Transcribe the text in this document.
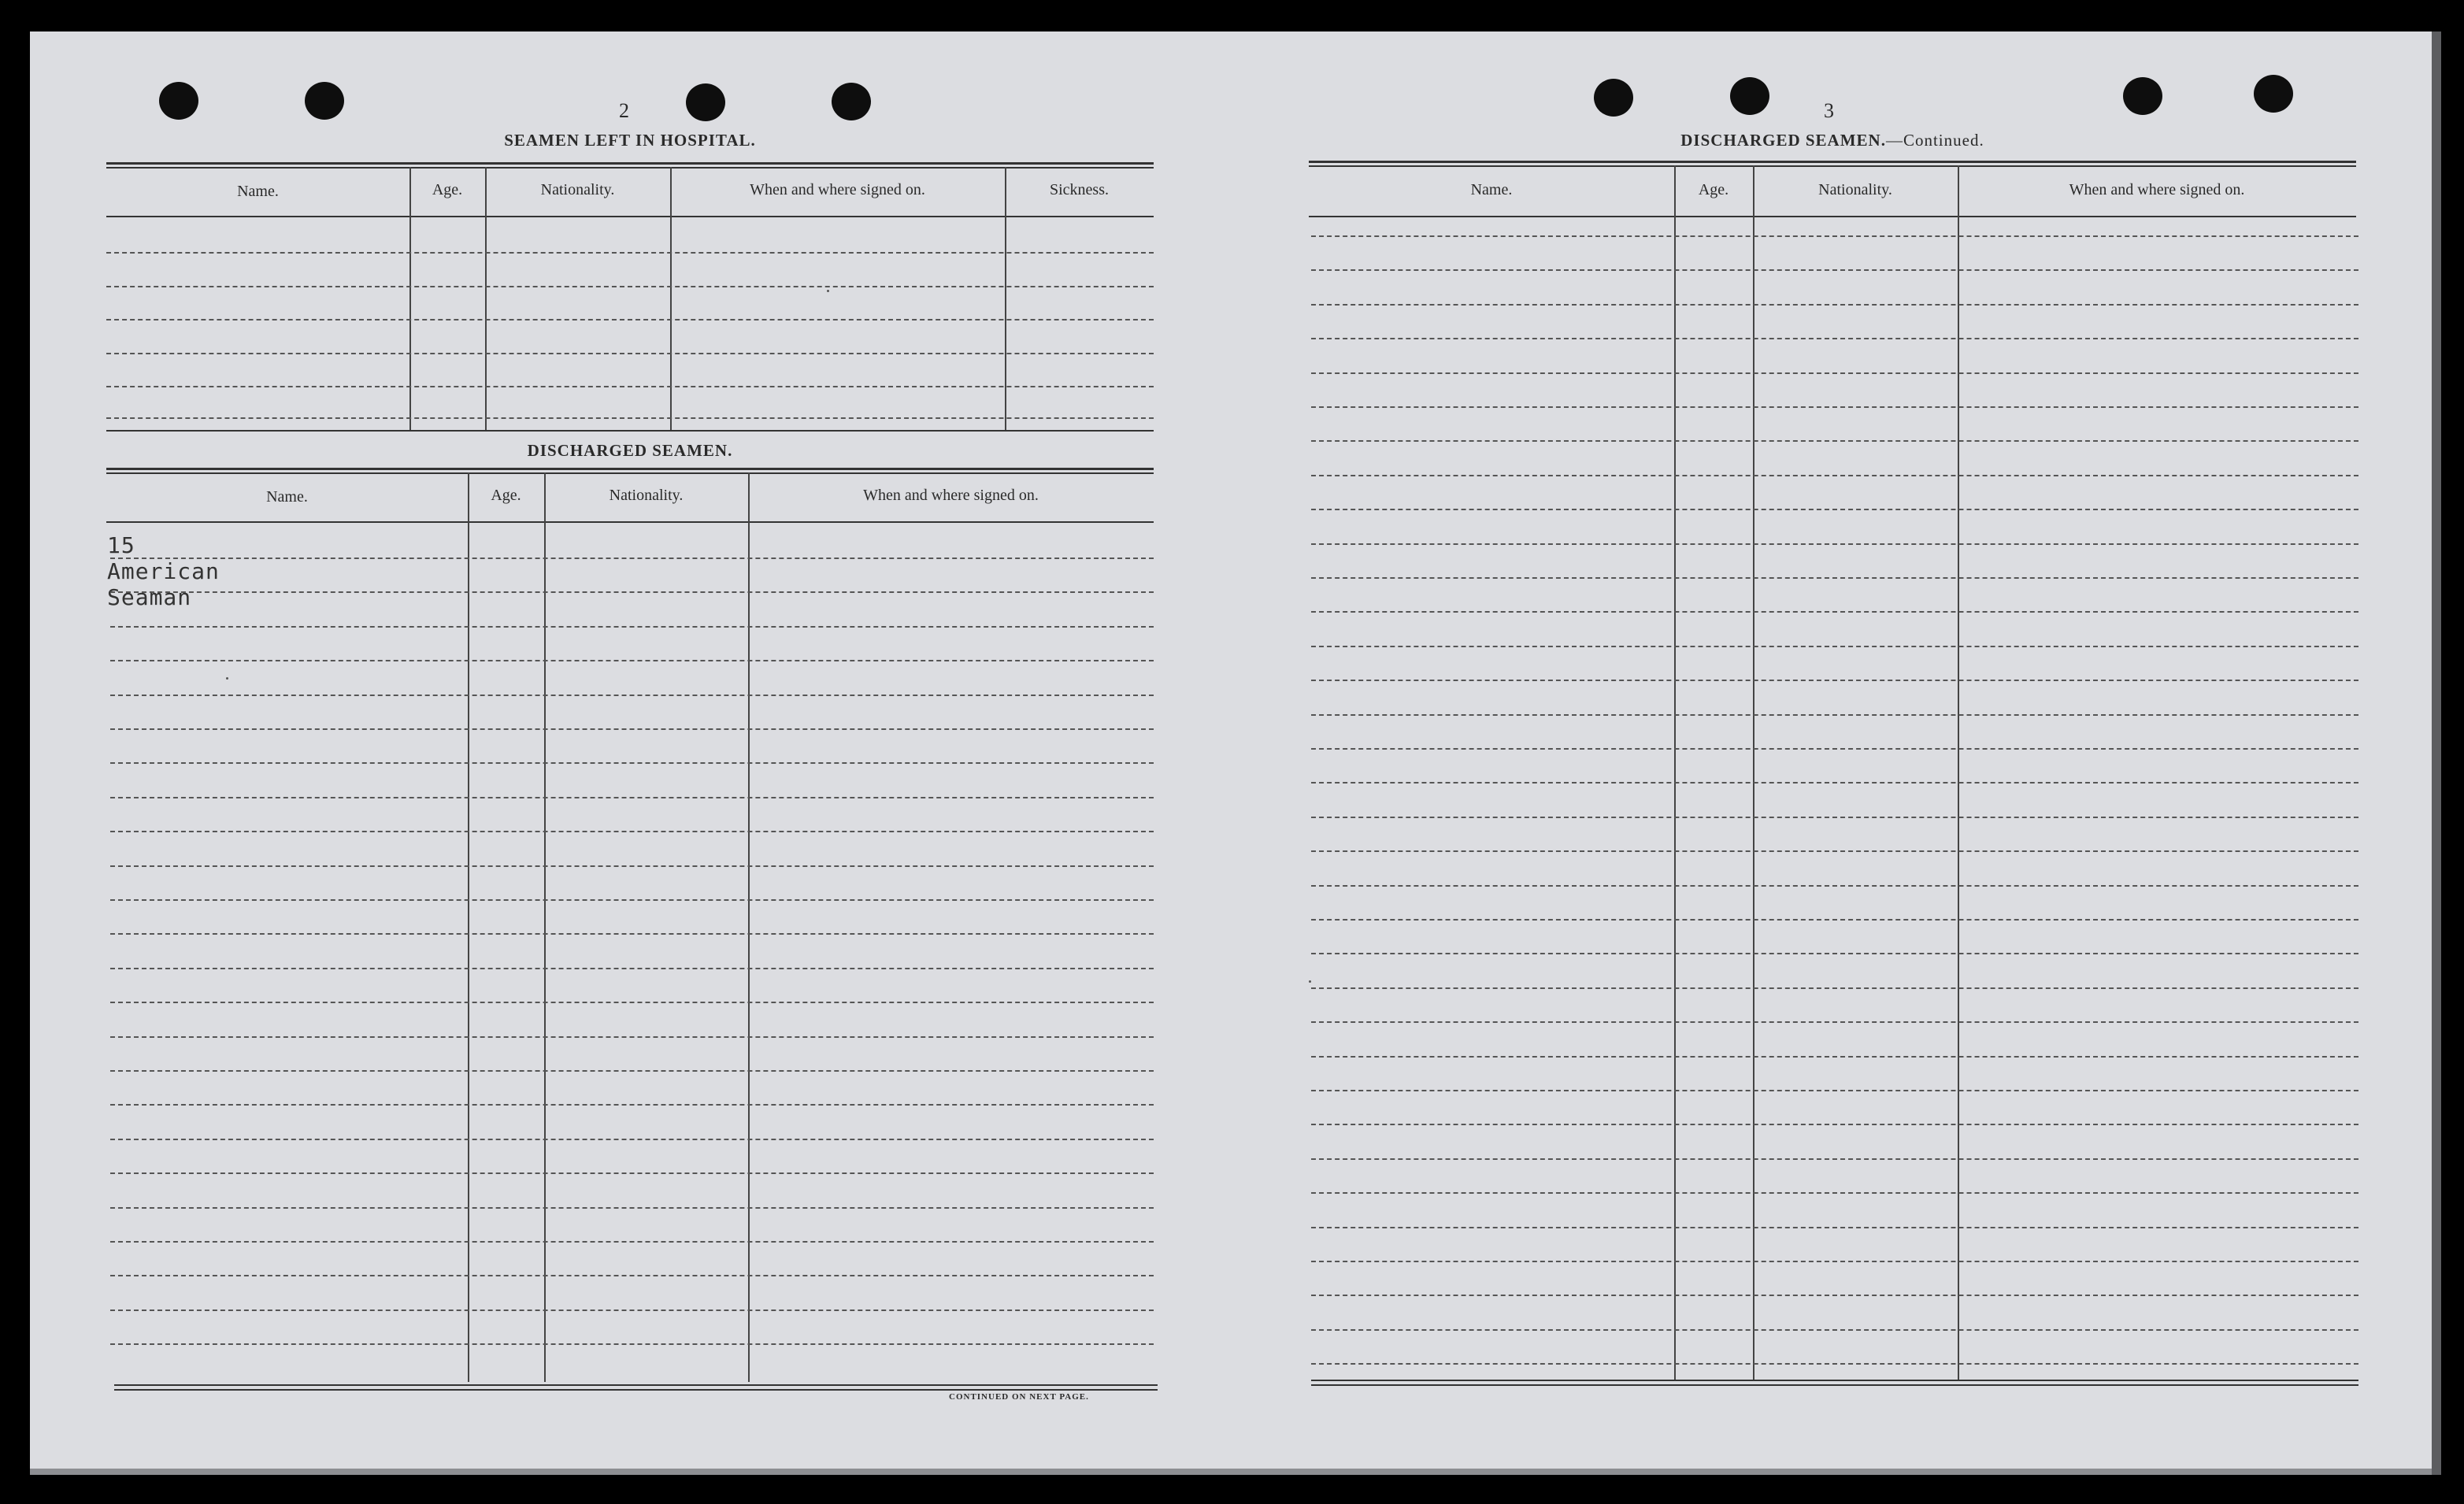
2
SEAMEN LEFT IN HOSPITAL.
Name.	Age.	Nationality.	When and where signed on.	Sickness.
DISCHARGED SEAMEN.
Name.	Age.	Nationality.	When and where signed on.
15 American Seaman
CONTINUED ON NEXT PAGE.
3
DISCHARGED SEAMEN.—Continued.
Name.	Age.	Nationality.	When and where signed on.
